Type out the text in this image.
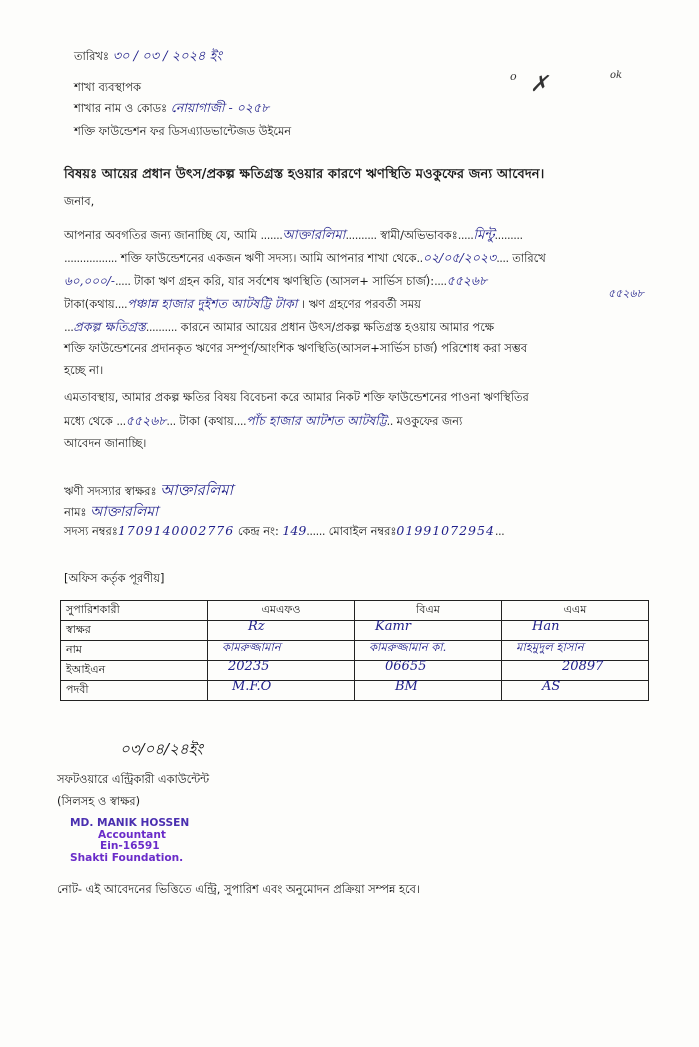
তারিখঃ ৩০ / ০৩ / ২০২৪ ইং
o ✗	ok
শাখা ব্যবস্থাপক
শাখার নাম ও কোডঃ নোয়াগাজী - ০২৫৮
শক্তি ফাউন্ডেশন ফর ডিসএ্যাডভান্টেজড উইমেন
বিষয়ঃ আয়ের প্রধান উৎস/প্রকল্প ক্ষতিগ্রস্ত হওয়ার কারণে ঋণস্থিতি মওকুফের জন্য আবেদন।
জনাব,
আপনার অবগতির জন্য জানাচ্ছি যে, আমি .......আক্তারলিমা.......... স্বামী/অভিভাবকঃ.....মিন্টু.........
................. শক্তি ফাউন্ডেশনের একজন ঋণী সদস্য। আমি আপনার শাখা থেকে..০২/০৫/২০২৩.... তারিখে
৬০,০০০/-..... টাকা ঋণ গ্রহন করি, যার সর্বশেষ ঋণস্থিতি (আসল+ সার্ভিস চার্জ):....৫৫২৬৮
৫৫২৬৮
টাকা(কথায়....পঞ্চান্ন হাজার দুইশত আটষট্টি টাকা । ঋণ গ্রহণের পরবর্তী সময়
...প্রকল্প ক্ষতিগ্রস্ত.......... কারনে আমার আয়ের প্রধান উৎস/প্রকল্প ক্ষতিগ্রস্ত হওয়ায় আমার পক্ষে
শক্তি ফাউন্ডেশনের প্রদানকৃত ঋণের সম্পূর্ণ/আংশিক ঋণস্থিতি(আসল+সার্ভিস চার্জ) পরিশোধ করা সম্ভব
হচ্ছে না।
এমতাবস্থায়, আমার প্রকল্প ক্ষতির বিষয় বিবেচনা করে আমার নিকট শক্তি ফাউন্ডেশনের পাওনা ঋণস্থিতির
মধ্যে থেকে ...৫৫২৬৮... টাকা (কথায়....পাঁচ হাজার আটশত আটষট্টি.. মওকুফের জন্য
আবেদন জানাচ্ছি।
ঋণী সদস্যার স্বাক্ষরঃ আক্তারলিমা
নামঃ আক্তারলিমা
সদস্য নম্বরঃ1709140002776 কেন্দ্র নং: 149...... মোবাইল নম্বরঃ01991072954...
[অফিস কর্তৃক পূরণীয়]
সুপারিশকারী	এমএফও	বিএম	এএম
স্বাক্ষর	Rz	Kamr	Han

নাম	কামরুজ্জামান	কামরুজ্জামান কা.	মাহমুদুল হাসান

ইআইএন	20235	06655	20897

পদবী	M.F.O	BM	AS
০৩/০৪/২৪ইং
সফটওয়ারে এন্ট্রিকারী একাউন্টেন্ট
(সিলসহ ও স্বাক্ষর)
MD. MANIK HOSSEN
Accountant
Ein-16591
Shakti Foundation.
নোট- এই আবেদনের ভিত্তিতে এন্ট্রি, সুপারিশ এবং অনুমোদন প্রক্রিয়া সম্পন্ন হবে।
